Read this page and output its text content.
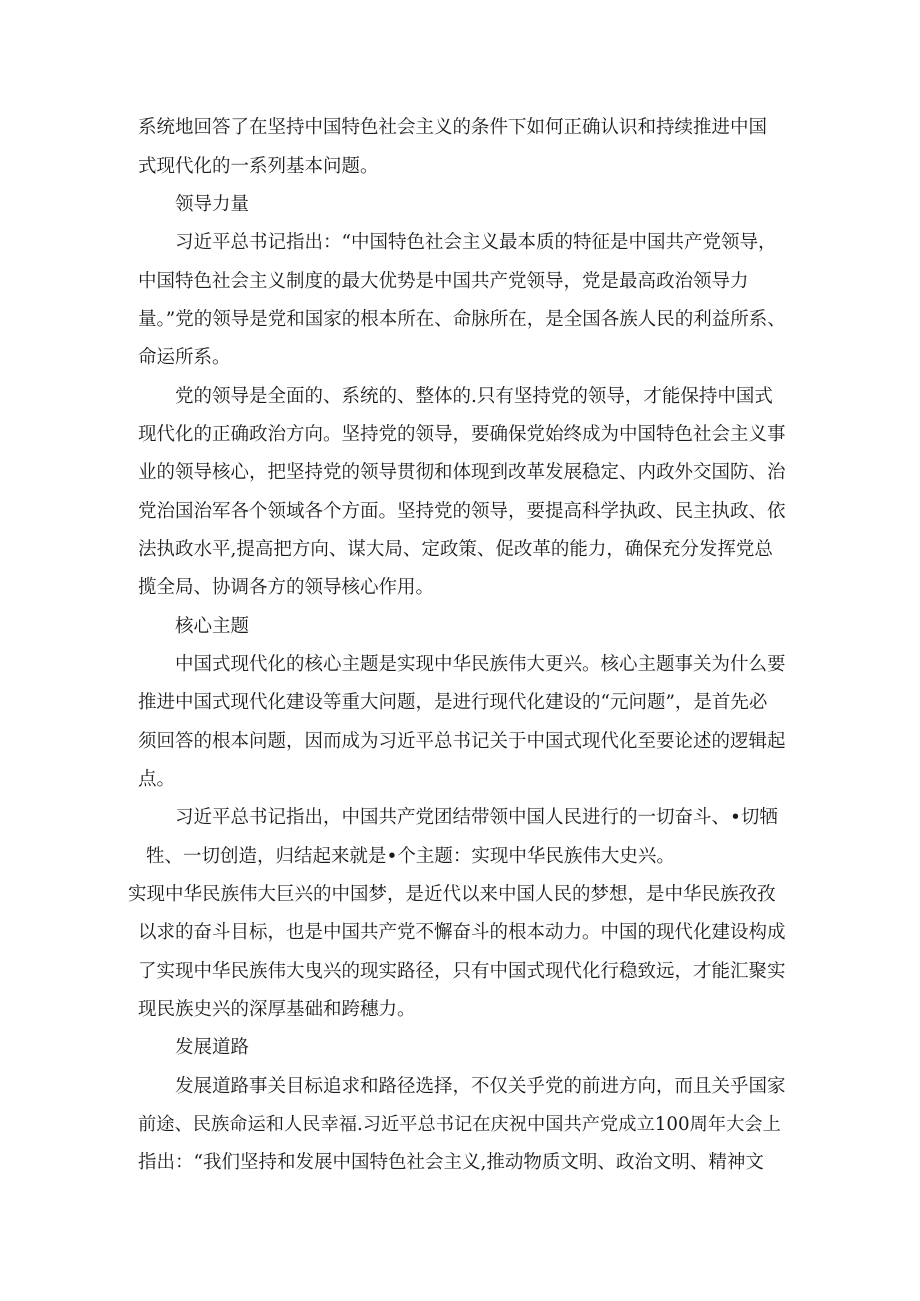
系统地回答了在坚持中国特色社会主义的条件下如何正确认识和持续推进中国
式现代化的一系列基本问题。
领导力量
习近平总书记指出：“中国特色社会主义最本质的特征是中国共产党领导，
中国特色社会主义制度的最大优势是中国共产党领导，党是最高政治领导力
量。”党的领导是党和国家的根本所在、命脉所在，是全国各族人民的利益所系、
命运所系。
党的领导是全面的、系统的、整体的.只有坚持党的领导，才能保持中国式
现代化的正确政治方向。坚持党的领导，要确保党始终成为中国特色社会主义事
业的领导核心，把坚持党的领导贯彻和体现到改革发展稳定、内政外交国防、治
党治国治军各个领域各个方面。坚持党的领导，要提高科学执政、民主执政、依
法执政水平,提高把方向、谋大局、定政策、促改革的能力，确保充分发挥党总
揽全局、协调各方的领导核心作用。
核心主题
中国式现代化的核心主题是实现中华民族伟大更兴。核心主题事关为什么要
推进中国式现代化建设等重大问题，是进行现代化建设的“元问题”，是首先必
须回答的根本问题，因而成为习近平总书记关于中国式现代化至要论述的逻辑起
点。
习近平总书记指出，中国共产党团结带领中国人民进行的一切奋斗、•切牺
牲、一切创造，归结起来就是•个主题：实现中华民族伟大史兴。
实现中华民族伟大巨兴的中国梦，是近代以来中国人民的梦想，是中华民族孜孜
以求的奋斗目标，也是中国共产党不懈奋斗的根本动力。中国的现代化建设构成
了实现中华民族伟大曳兴的现实路径，只有中国式现代化行稳致远，才能汇聚实
现民族史兴的深厚基础和跨穗力。
发展道路
发展道路事关目标追求和路径选择，不仅关乎党的前进方向，而且关乎国家
前途、民族命运和人民幸福.习近平总书记在庆祝中国共产党成立100周年大会上
指出：“我们坚持和发展中国特色社会主义,推动物质文明、政治文明、精神文
